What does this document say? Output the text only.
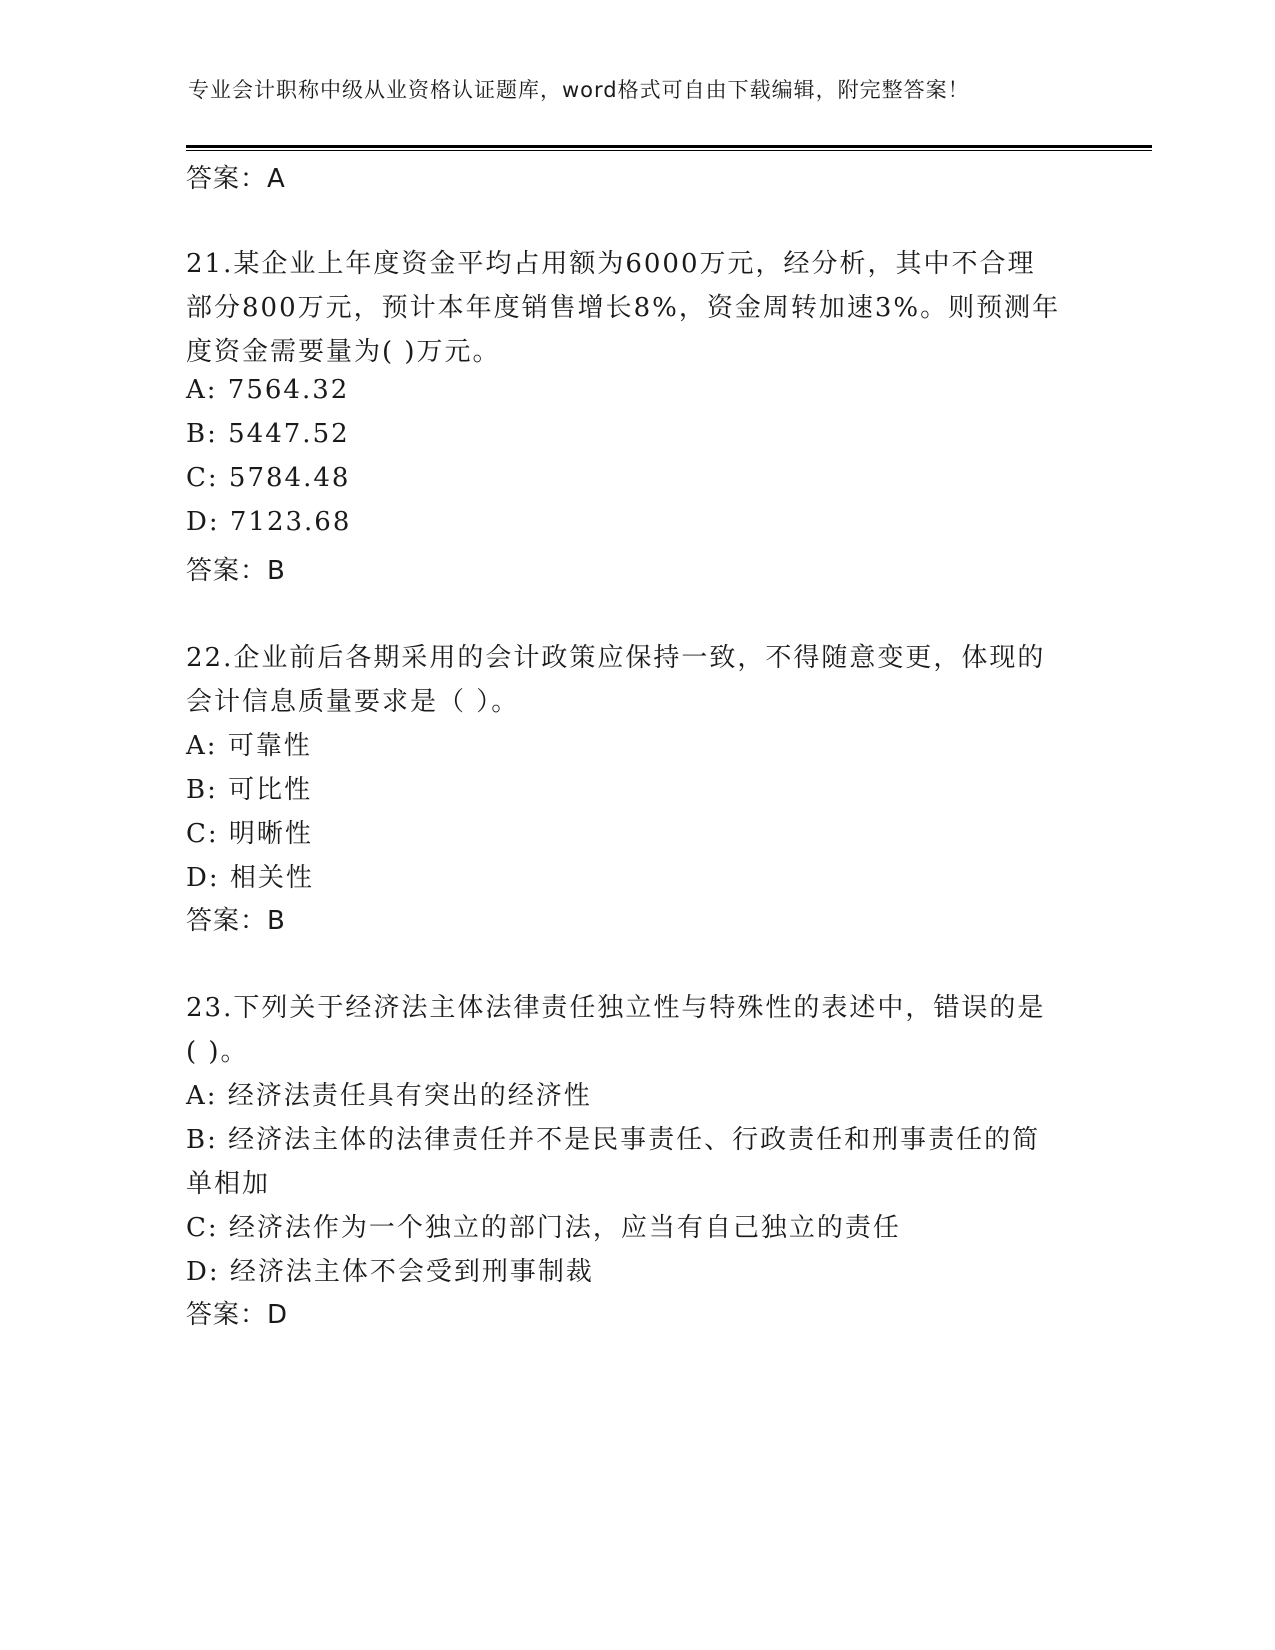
专业会计职称中级从业资格认证题库，word格式可自由下载编辑，附完整答案！
答案：A
21.某企业上年度资金平均占用额为6000万元，经分析，其中不合理
部分800万元，预计本年度销售增长8%，资金周转加速3%。则预测年
度资金需要量为( )万元。
A: 7564.32
B: 5447.52
C: 5784.48
D: 7123.68
答案：B
22.企业前后各期采用的会计政策应保持一致，不得随意变更，体现的
会计信息质量要求是（ ）。
A: 可靠性
B: 可比性
C: 明晰性
D: 相关性
答案：B
23.下列关于经济法主体法律责任独立性与特殊性的表述中，错误的是
( )。
A: 经济法责任具有突出的经济性
B: 经济法主体的法律责任并不是民事责任、行政责任和刑事责任的简
单相加
C: 经济法作为一个独立的部门法，应当有自己独立的责任
D: 经济法主体不会受到刑事制裁
答案：D
